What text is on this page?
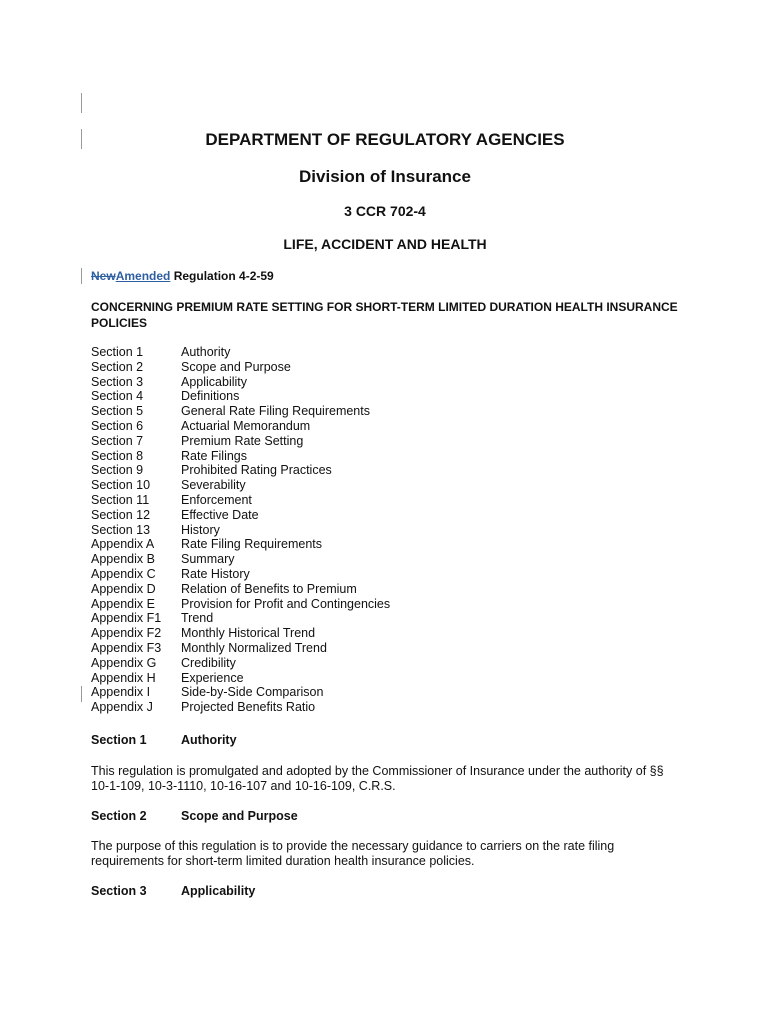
DEPARTMENT OF REGULATORY AGENCIES
Division of Insurance
3 CCR 702-4
LIFE, ACCIDENT AND HEALTH
NewAmended Regulation 4-2-59
CONCERNING PREMIUM RATE SETTING FOR SHORT-TERM LIMITED DURATION HEALTH INSURANCE POLICIES
Section 1	Authority
Section 2	Scope and Purpose
Section 3	Applicability
Section 4	Definitions
Section 5	General Rate Filing Requirements
Section 6	Actuarial Memorandum
Section 7	Premium Rate Setting
Section 8	Rate Filings
Section 9	Prohibited Rating Practices
Section 10 Severability
Section 11	Enforcement
Section 12 Effective Date
Section 13 History
Appendix A Rate Filing Requirements
Appendix B Summary
Appendix C Rate History
Appendix D Relation of Benefits to Premium
Appendix E Provision for Profit and Contingencies
Appendix F1 Trend
Appendix F2 Monthly Historical Trend
Appendix F3 Monthly Normalized Trend
Appendix G Credibility
Appendix H Experience
Appendix I Side-by-Side Comparison
Appendix J Projected Benefits Ratio
Section 1	Authority
This regulation is promulgated and adopted by the Commissioner of Insurance under the authority of §§ 10-1-109, 10-3-1110, 10-16-107 and 10-16-109, C.R.S.
Section 2	Scope and Purpose
The purpose of this regulation is to provide the necessary guidance to carriers on the rate filing requirements for short-term limited duration health insurance policies.
Section 3	Applicability
